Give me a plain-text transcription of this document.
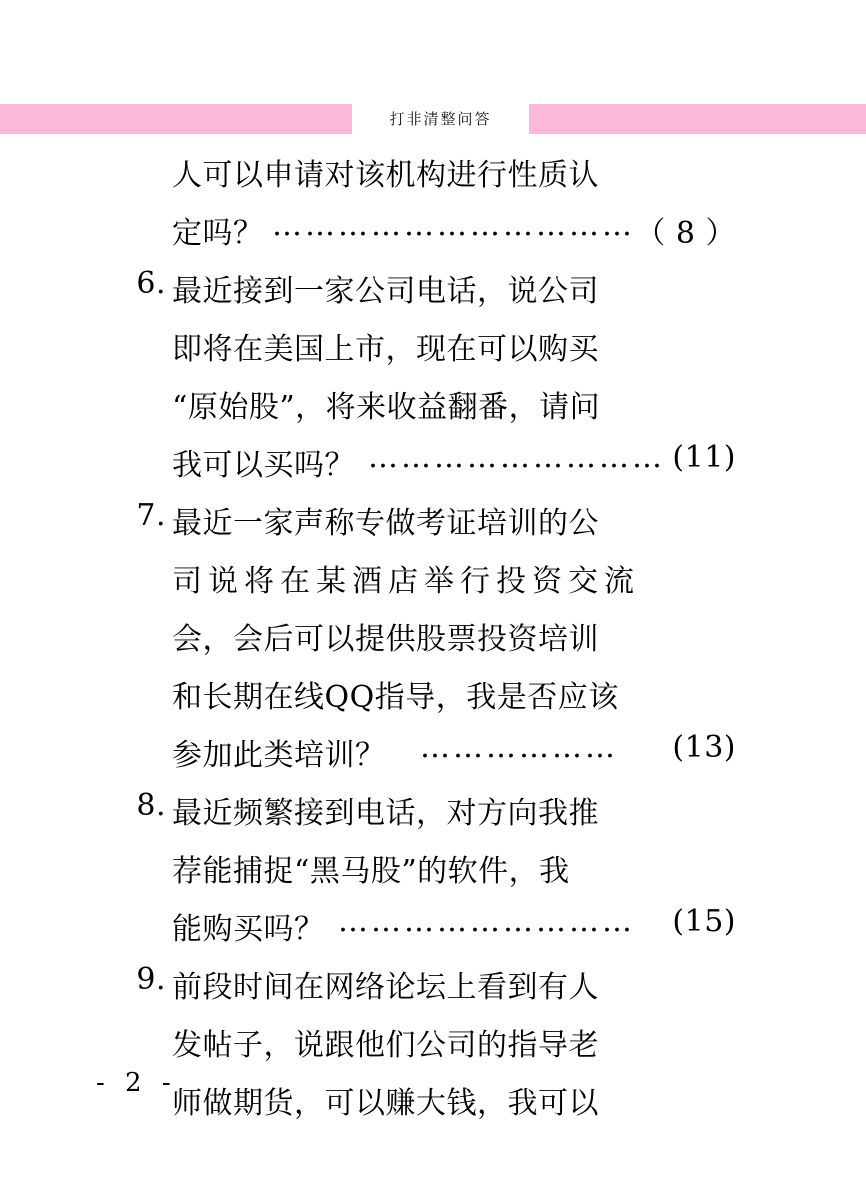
打非清整问答
人可以申请对该机构进行性质认
定吗？ …………………………… （ 8 ）
6. 最近接到一家公司电话，说公司
即将在美国上市，现在可以购买
“原始股”，将来收益翻番，请问
我可以买吗？ ……………………… (11)
7. 最近一家声称专做考证培训的公
司说将在某酒店举行投资交流
会，会后可以提供股票投资培训
和长期在线QQ指导，我是否应该
参加此类培训？ ……………… (13)
8. 最近频繁接到电话，对方向我推
荐能捕捉“黑马股”的软件，我
能购买吗？ ……………………… (15)
9. 前段时间在网络论坛上看到有人
发帖子，说跟他们公司的指导老
师做期货，可以赚大钱，我可以
- 2 -
